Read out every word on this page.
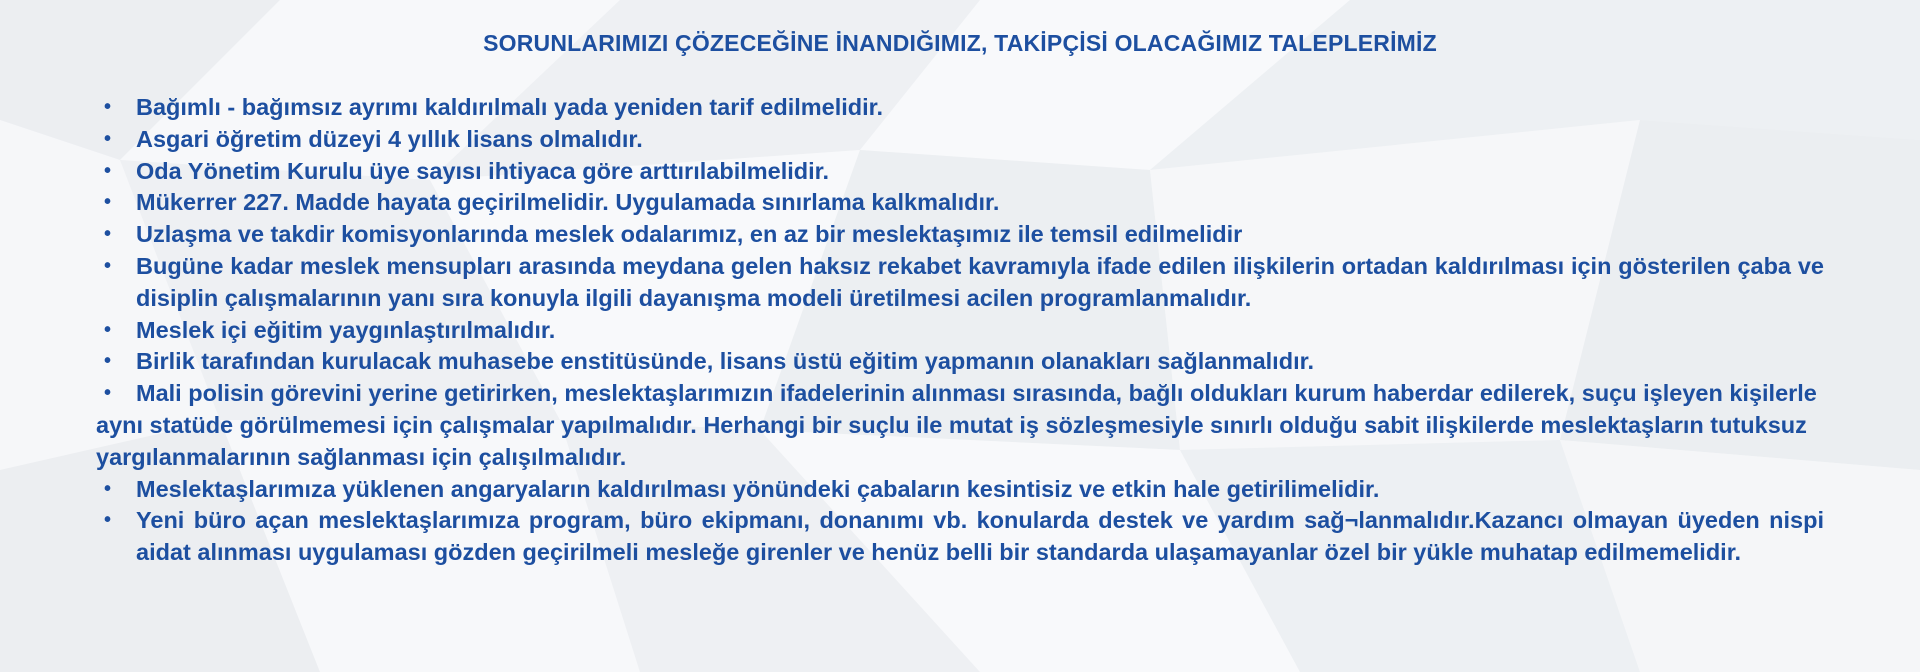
SORUNLARIMIZI ÇÖZECEĞİNE İNANDIĞIMIZ, TAKİPÇİSİ OLACAĞIMIZ TALEPLERİMİZ
• Bağımlı - bağımsız ayrımı kaldırılmalı yada yeniden tarif edilmelidir.
• Asgari öğretim düzeyi 4 yıllık lisans olmalıdır.
• Oda Yönetim Kurulu üye sayısı ihtiyaca göre arttırılabilmelidir.
• Mükerrer 227. Madde hayata geçirilmelidir. Uygulamada sınırlama kalkmalıdır.
• Uzlaşma ve takdir komisyonlarında meslek odalarımız, en az bir meslektaşımız ile temsil edilmelidir
• Bugüne kadar meslek mensupları arasında meydana gelen haksız rekabet kavramıyla ifade edilen ilişkilerin ortadan kaldırılması için gösterilen çaba ve disiplin çalışmalarının yanı sıra konuyla ilgili dayanışma modeli üretilmesi acilen programlanmalıdır.
• Meslek içi eğitim yaygınlaştırılmalıdır.
• Birlik tarafından kurulacak muhasebe enstitüsünde, lisans üstü eğitim yapmanın olanakları sağlanmalıdır.
• Mali polisin görevini yerine getirirken, meslektaşlarımızın ifadelerinin alınması sırasında, bağlı oldukları kurum haberdar edilerek, suçu işleyen kişilerle aynı statüde görülmemesi için çalışmalar yapılmalıdır. Herhangi bir suçlu ile mutat iş sözleşmesiyle sınırlı olduğu sabit ilişkilerde meslektaşların tutuksuz yargılanmalarının sağlanması için çalışılmalıdır.
• Meslektaşlarımıza yüklenen angaryaların kaldırılması yönündeki çabaların kesintisiz ve etkin hale getirilimelidir.
• Yeni büro açan meslektaşlarımıza program, büro ekipmanı, donanımı vb. konularda destek ve yardım sağ¬lanmalıdır.Kazancı olmayan üyeden nispi aidat alınması uygulaması gözden geçirilmeli mesleğe girenler ve henüz belli bir standarda ulaşamayanlar özel bir yükle muhatap edilmemelidir.
